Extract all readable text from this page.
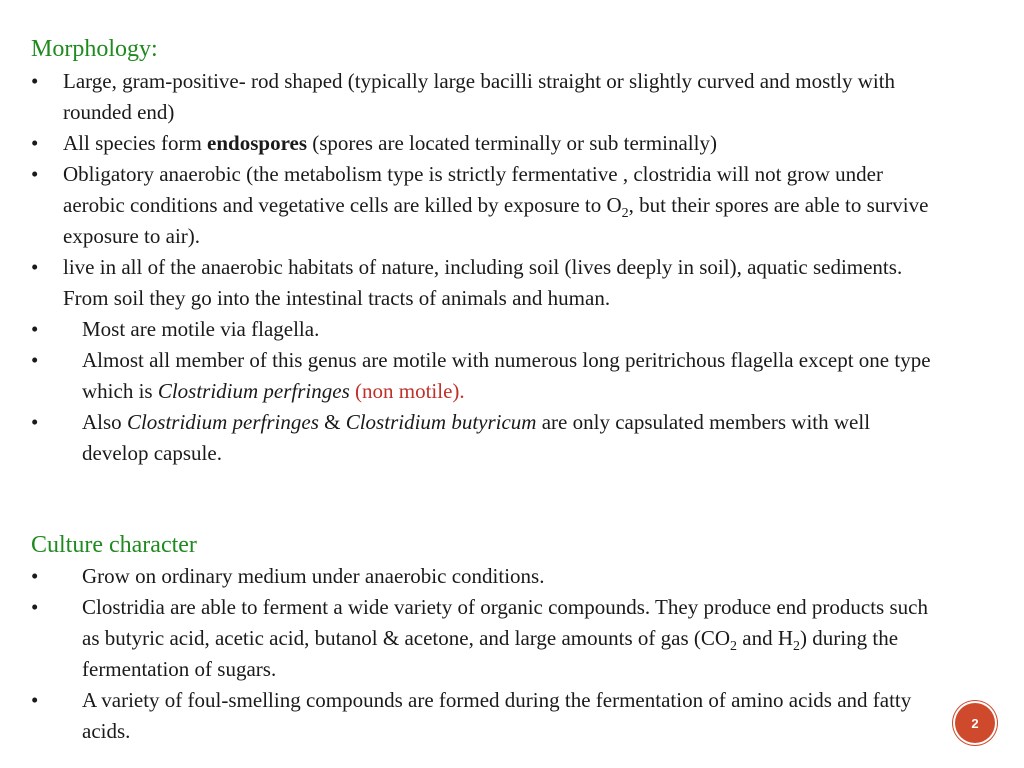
Morphology:
• Large, gram-positive- rod shaped (typically large bacilli straight or slightly curved and mostly with rounded end)
• All species form endospores (spores are located terminally or sub terminally)
• Obligatory anaerobic (the metabolism type is strictly fermentative , clostridia will not grow under aerobic conditions and vegetative cells are killed by exposure to $O_2$, but their spores are able to survive exposure to air).
• live in all of the anaerobic habitats of nature, including soil (lives deeply in soil), aquatic sediments. From soil they go into the intestinal tracts of animals and human.
• Most are motile via flagella.
• Almost all member of this genus are motile with numerous long peritrichous flagella except one type which is Clostridium perfringes (non motile).
• Also Clostridium perfringes & Clostridium butyricum are only capsulated members with well develop capsule.
Culture character
• Grow on ordinary medium under anaerobic conditions.
• Clostridia are able to ferment a wide variety of organic compounds. They produce end products such as butyric acid, acetic acid, butanol & acetone, and large amounts of gas ($CO_2$ and $H_2$) during the fermentation of sugars.
• A variety of foul-smelling compounds are formed during the fermentation of amino acids and fatty acids.	2
